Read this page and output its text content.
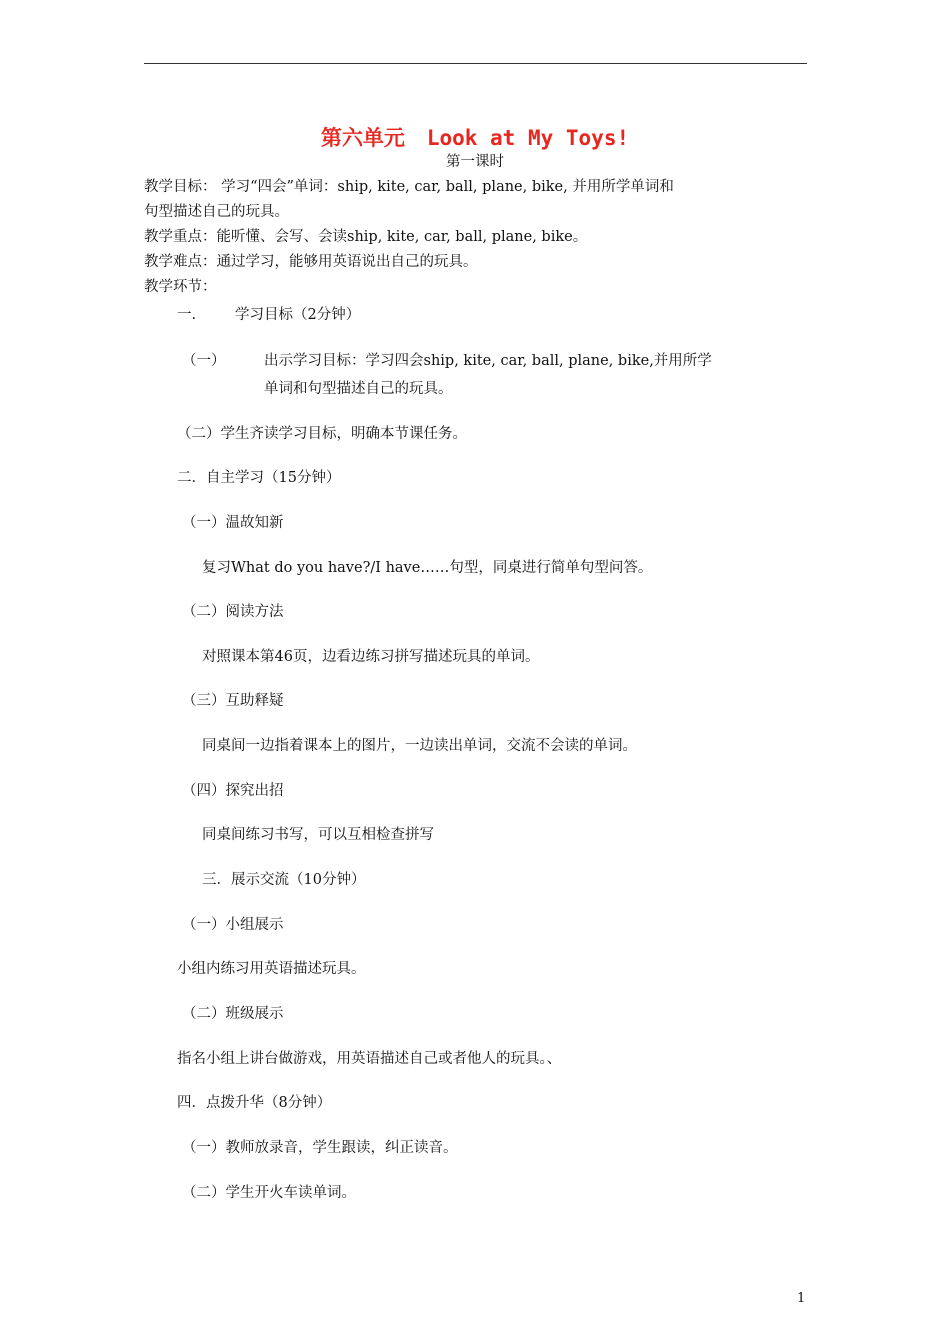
第六单元 Look at My Toys!
第一课时
教学目标： 学习“四会”单词：ship, kite, car, ball, plane, bike, 并用所学单词和
句型描述自己的玩具。
教学重点：能听懂、会写、会读ship, kite, car, ball, plane, bike。
教学难点：通过学习，能够用英语说出自己的玩具。
教学环节：
一.	学习目标（2分钟）
（一）	出示学习目标：学习四会ship, kite, car, ball, plane, bike,并用所学
单词和句型描述自己的玩具。
（二）学生齐读学习目标，明确本节课任务。
二．自主学习（15分钟）
（一）温故知新
复习What do you have?/I have……句型，同桌进行简单句型问答。
（二）阅读方法
对照课本第46页，边看边练习拼写描述玩具的单词。
（三）互助释疑
同桌间一边指着课本上的图片，一边读出单词，交流不会读的单词。
（四）探究出招
同桌间练习书写，可以互相检查拼写
三．展示交流（10分钟）
（一）小组展示
小组内练习用英语描述玩具。
（二）班级展示
指名小组上讲台做游戏，用英语描述自己或者他人的玩具。、
四．点拨升华（8分钟）
（一）教师放录音，学生跟读，纠正读音。
（二）学生开火车读单词。
1
